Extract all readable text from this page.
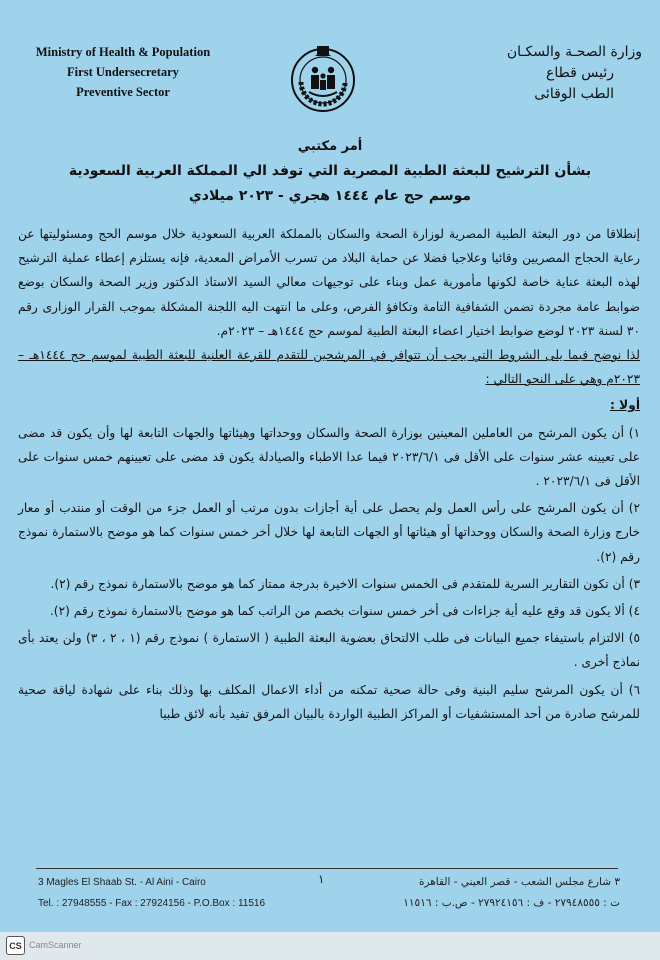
Ministry of Health & Population
First Undersecretary
Preventive Sector
وزارة الصحـة والسكـان
رئيس قطاع
الطب الوقائى
أمر مكتبي
بشأن الترشيح للبعثة الطبية المصرية التي توفد الي المملكة العربية السعودية
موسم حج عام ١٤٤٤ هجري - ٢٠٢٣ ميلادي

إنطلاقا من دور البعثة الطبية المصرية لوزارة الصحة والسكان بالمملكة العربية السعودية خلال موسم الحج ومسئوليتها عن رعاية الحجاج المصريين وقائيا وعلاجيا فضلا عن حماية البلاد من تسرب الأمراض المعدية، فإنه يستلزم إعطاء عملية الترشيح لهذه البعثة عناية خاصة لكونها مأمورية عمل وبناء على توجيهات معالي السيد الاستاذ الدكتور وزير الصحة والسكان بوضع ضوابط عامة مجردة تضمن الشفافية التامة وتكافؤ الفرص، وعلى ما انتهت اليه اللجنة المشكلة بموجب القرار الوزارى رقم ٣٠ لسنة ٢٠٢٣ لوضع ضوابط اختيار اعضاء البعثة الطبية لموسم حج ١٤٤٤هـ – ٢٠٢٣م.

لذا نوضح فيما يلى الشروط التي يجب أن تتوافر في المرشحين للتقدم للقرعة العلنية للبعثة الطبية لموسم حج ١٤٤٤هـ – ٢٠٢٣م وهي على النحو التالي :

أولا :

١) أن يكون المرشح من العاملين المعينين بوزارة الصحة والسكان ووحداتها وهيئاتها والجهات التابعة لها وأن يكون قد مضى على تعيينه عشر سنوات على الأقل فى ٢٠٢٣/٦/١ فيما عدا الاطباء والصيادلة يكون قد مضى على تعيينهم خمس سنوات على الأقل فى ٢٠٢٣/٦/١ .

٢) أن يكون المرشح على رأس العمل ولم يحصل على أية أجازات بدون مرتب أو العمل جزء من الوقت أو منتدب أو معار خارج وزارة الصحة والسكان ووحداتها أو هيئاتها أو الجهات التابعة لها خلال أخر خمس سنوات كما هو موضح بالاستمارة نموذج رقم (٢).

٣) أن تكون التقارير السرية للمتقدم فى الخمس سنوات الاخيرة بدرجة ممتاز كما هو موضح بالاستمارة نموذج رقم (٢).

٤) ألا يكون قد وقع عليه أية جزاءات فى أخر خمس سنوات بخصم من الراتب كما هو موضح بالاستمارة نموذج رقم (٢).

٥) الالتزام باستيفاء جميع البيانات فى طلب الالتحاق بعضوية البعثة الطبية ( الاستمارة ) نموذج رقم (١ ، ٢ ، ٣) ولن يعتد بأى نماذج أخرى .

٦) أن يكون المرشح سليم البنية وفى حالة صحية تمكنه من أداء الاعمال المكلف بها وذلك بناء على شهادة لياقة صحية للمرشح صادرة من أحد المستشفيات أو المراكز الطبية الواردة بالبيان المرفق تفيد بأنه لائق طبيا

3 Magles El Shaab St. - Al Aini - Cairo
Tel. : 27948555 - Fax : 27924156 - P.O.Box : 11516
١	٣ شارع مجلس الشعب - قصر العيني - القاهرة
ت : ٢٧٩٤٨٥٥٥ - ف : ٢٧٩٢٤١٥٦ - ص.ب : ١١٥١٦
CS CamScanner
